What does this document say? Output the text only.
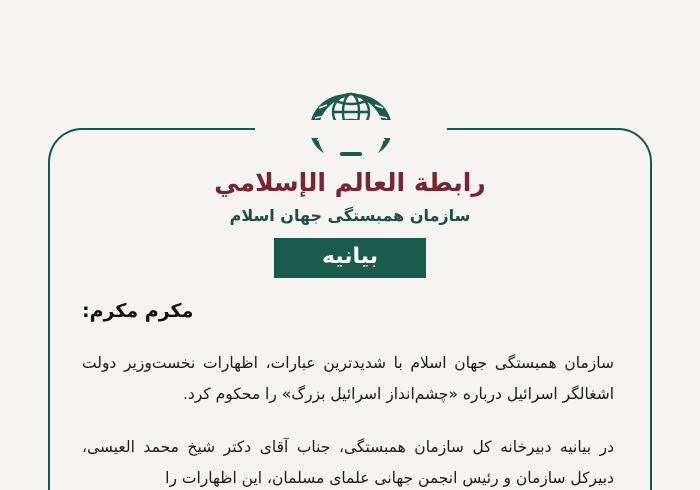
رابطة العالم الإسلامي
سازمان همبستگی جهان اسلام
بیانیه
مکرم مکرم:

سازمان همبستگی جهان اسلام با شدیدترین عبارات، اظهارات نخست‌وزیر دولت اشغالگر اسرائیل درباره «چشم‌انداز اسرائیل بزرگ» را محکوم کرد.

در بیانیه دبیرخانه کل سازمان همبستگی، جناب آقای دکتر شیخ محمد العیسی، دبیرکل سازمان و رئیس انجمن جهانی علمای مسلمان، این اظهارات را
